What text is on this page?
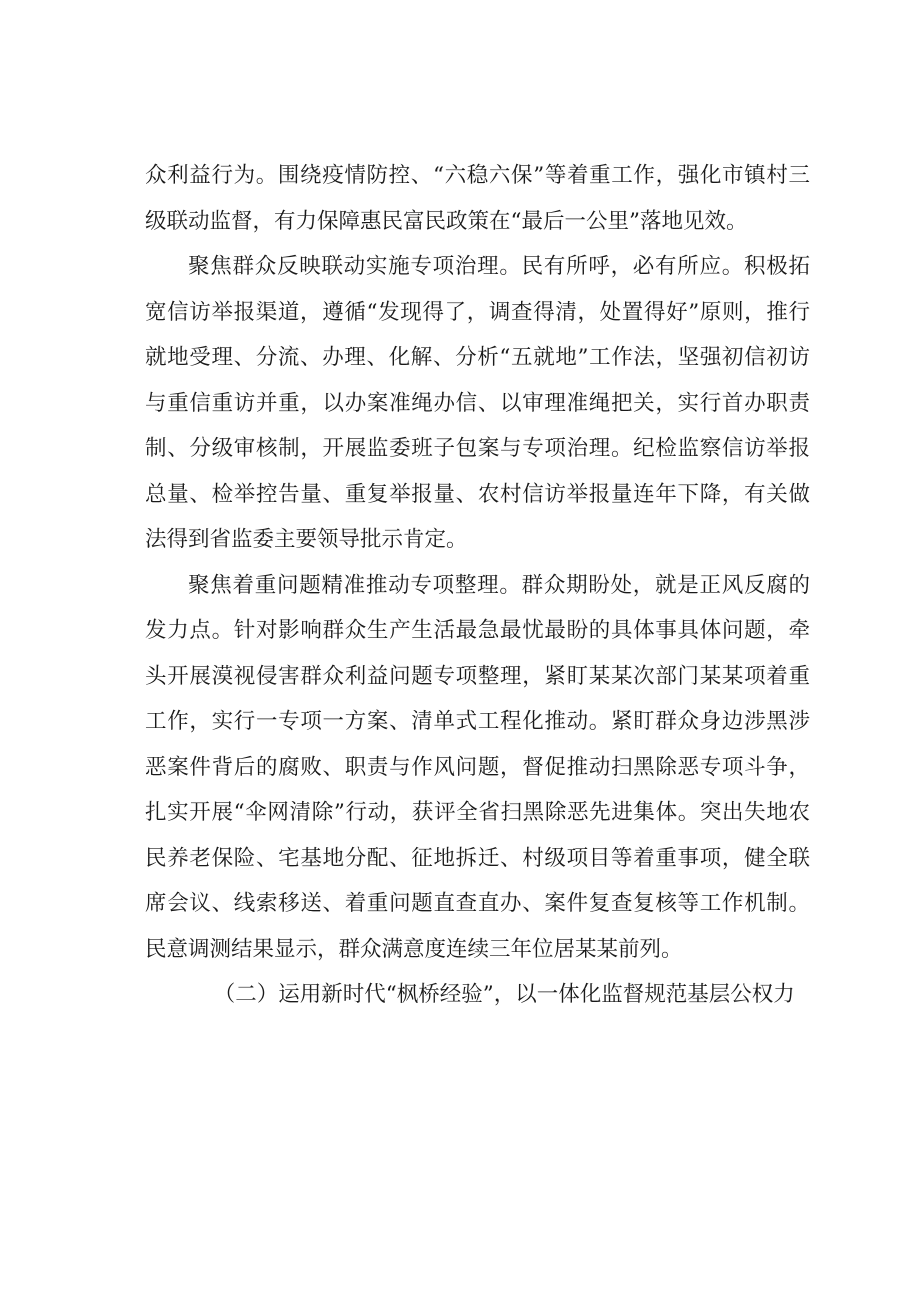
众利益行为。围绕疫情防控、“六稳六保”等着重工作，强化市镇村三级联动监督，有力保障惠民富民政策在“最后一公里”落地见效。

聚焦群众反映联动实施专项治理。民有所呼，必有所应。积极拓宽信访举报渠道，遵循“发现得了，调查得清，处置得好”原则，推行就地受理、分流、办理、化解、分析“五就地”工作法，坚强初信初访与重信重访并重，以办案准绳办信、以审理准绳把关，实行首办职责制、分级审核制，开展监委班子包案与专项治理。纪检监察信访举报总量、检举控告量、重复举报量、农村信访举报量连年下降，有关做法得到省监委主要领导批示肯定。

聚焦着重问题精准推动专项整理。群众期盼处，就是正风反腐的发力点。针对影响群众生产生活最急最忧最盼的具体事具体问题，牵头开展漠视侵害群众利益问题专项整理，紧盯某某次部门某某项着重工作，实行一专项一方案、清单式工程化推动。紧盯群众身边涉黑涉恶案件背后的腐败、职责与作风问题，督促推动扫黑除恶专项斗争，扎实开展“伞网清除”行动，获评全省扫黑除恶先进集体。突出失地农民养老保险、宅基地分配、征地拆迁、村级项目等着重事项，健全联席会议、线索移送、着重问题直查直办、案件复查复核等工作机制。民意调测结果显示，群众满意度连续三年位居某某前列。

（二）运用新时代“枫桥经验”，以一体化监督规范基层公权力
